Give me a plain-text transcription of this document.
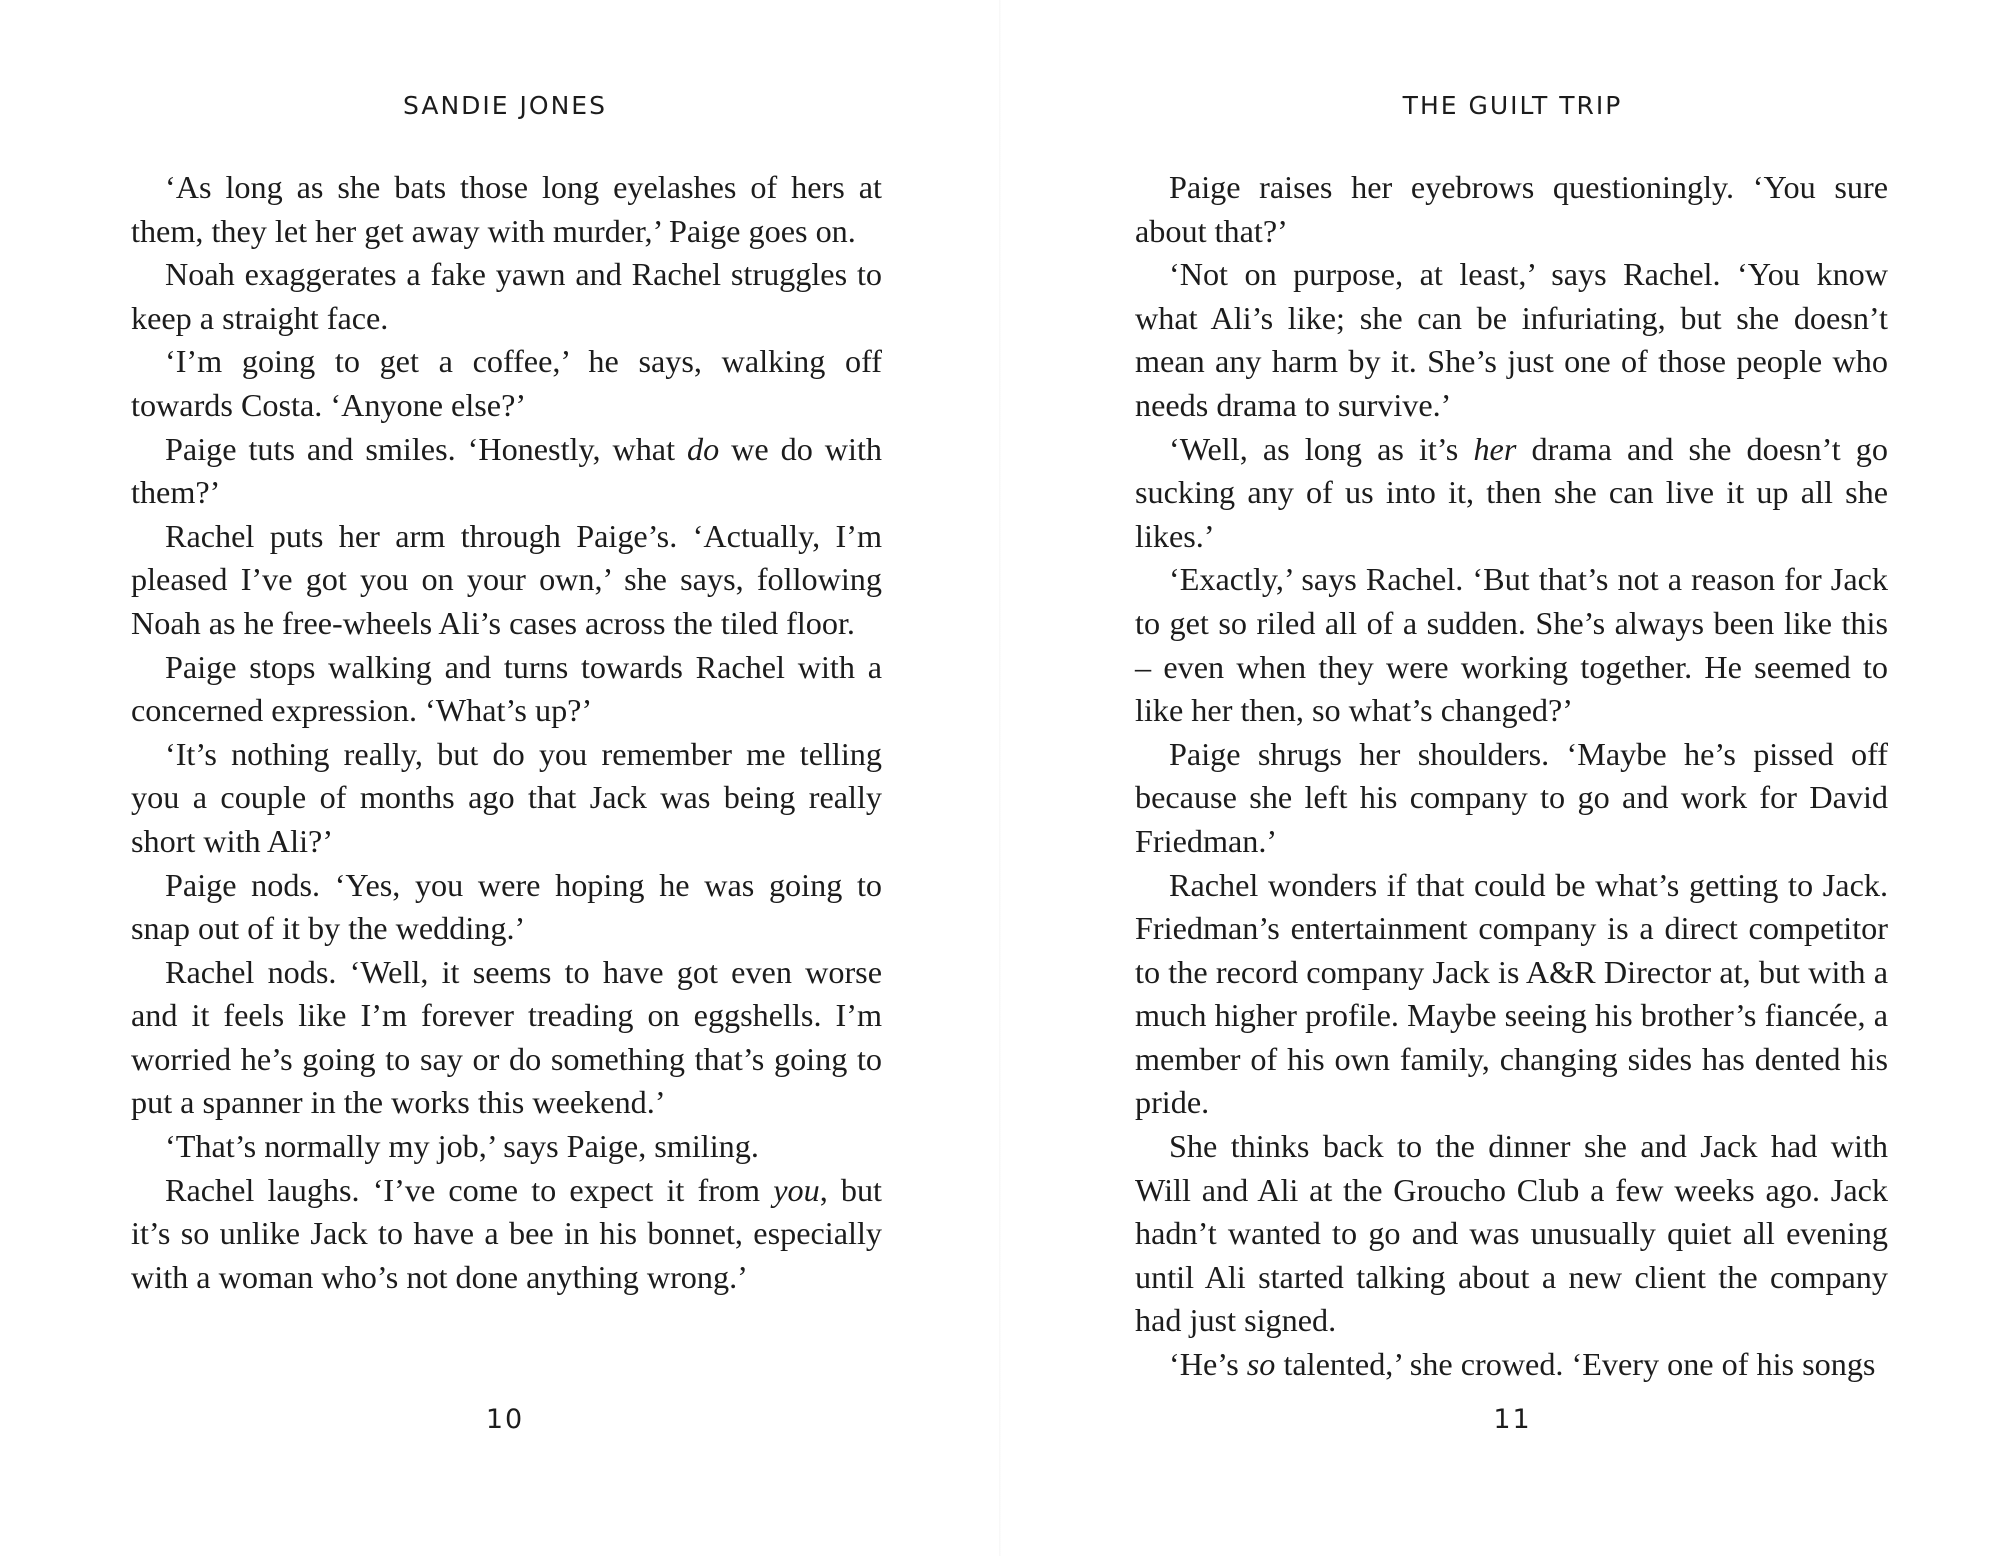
SANDIE JONES

‘As long as she bats those long eyelashes of hers at them, they let her get away with murder,’ Paige goes on.

Noah exaggerates a fake yawn and Rachel struggles to keep a straight face.

‘I’m going to get a coffee,’ he says, walking off towards Costa. ‘Anyone else?’

Paige tuts and smiles. ‘Honestly, what do we do with them?’

Rachel puts her arm through Paige’s. ‘Actually, I’m pleased I’ve got you on your own,’ she says, following Noah as he free-wheels Ali’s cases across the tiled floor.

Paige stops walking and turns towards Rachel with a concerned expression. ‘What’s up?’

‘It’s nothing really, but do you remember me telling you a couple of months ago that Jack was being really short with Ali?’

Paige nods. ‘Yes, you were hoping he was going to snap out of it by the wedding.’

Rachel nods. ‘Well, it seems to have got even worse and it feels like I’m forever treading on eggshells. I’m worried he’s going to say or do something that’s going to put a spanner in the works this weekend.’

‘That’s normally my job,’ says Paige, smiling.

Rachel laughs. ‘I’ve come to expect it from you, but it’s so unlike Jack to have a bee in his bonnet, especially with a woman who’s not done anything wrong.’

10
THE GUILT TRIP

Paige raises her eyebrows questioningly. ‘You sure about that?’

‘Not on purpose, at least,’ says Rachel. ‘You know what Ali’s like; she can be infuriating, but she doesn’t mean any harm by it. She’s just one of those people who needs drama to survive.’

‘Well, as long as it’s her drama and she doesn’t go sucking any of us into it, then she can live it up all she likes.’

‘Exactly,’ says Rachel. ‘But that’s not a reason for Jack to get so riled all of a sudden. She’s always been like this – even when they were working together. He seemed to like her then, so what’s changed?’

Paige shrugs her shoulders. ‘Maybe he’s pissed off because she left his company to go and work for David Friedman.’

Rachel wonders if that could be what’s getting to Jack. Friedman’s entertainment company is a direct competitor to the record company Jack is A&R Director at, but with a much higher profile. Maybe seeing his brother’s fiancée, a member of his own family, changing sides has dented his pride.

She thinks back to the dinner she and Jack had with Will and Ali at the Groucho Club a few weeks ago. Jack hadn’t wanted to go and was unusually quiet all evening until Ali started talking about a new client the company had just signed.

‘He’s so talented,’ she crowed. ‘Every one of his songs

11
